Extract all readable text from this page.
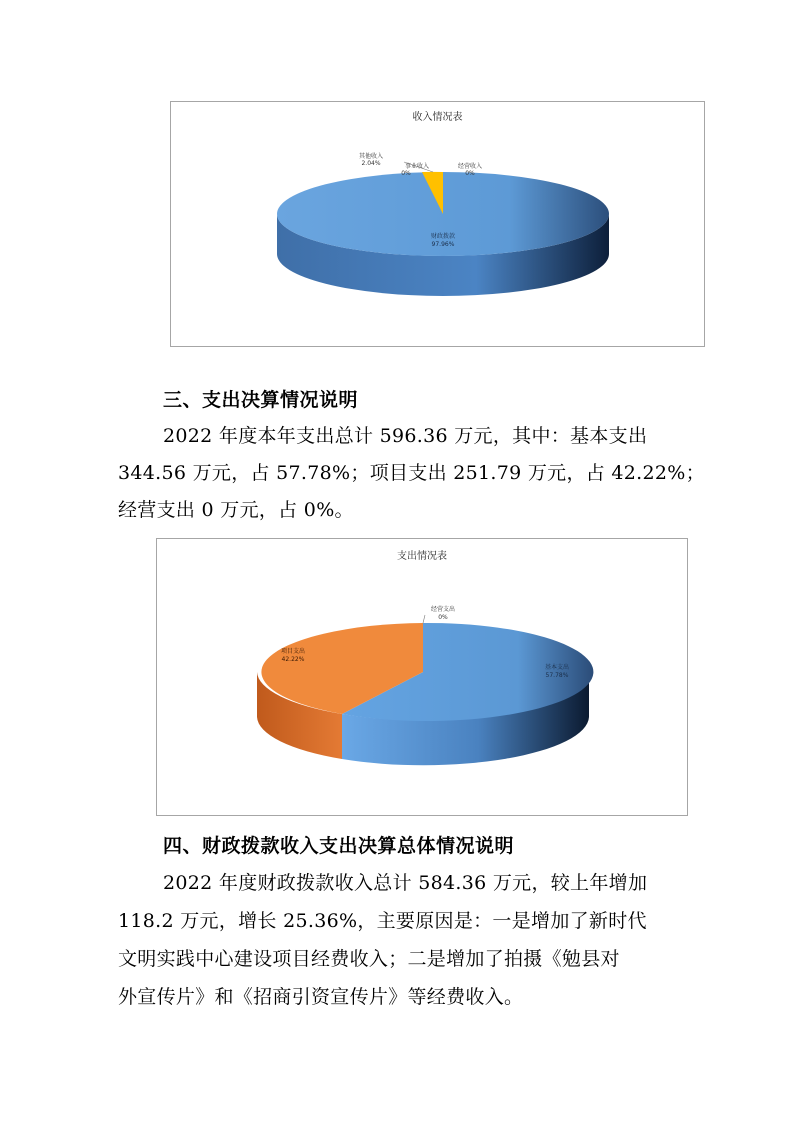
收入情况表
其他收入
2.04%	事业收入
0%
经营收入
0%
财政拨款
97.96%
三、支出决算情况说明
2022 年度本年支出总计 596.36 万元，其中：基本支出
344.56 万元，占 57.78%；项目支出 251.79 万元，占 42.22%；
经营支出 0 万元，占 0%。
支出情况表
经营支出
0%
项目支出
42.22%
基本支出
57.78%
四、财政拨款收入支出决算总体情况说明
2022 年度财政拨款收入总计 584.36 万元，较上年增加
118.2 万元，增长 25.36%，主要原因是：一是增加了新时代
文明实践中心建设项目经费收入；二是增加了拍摄《勉县对
外宣传片》和《招商引资宣传片》等经费收入。
